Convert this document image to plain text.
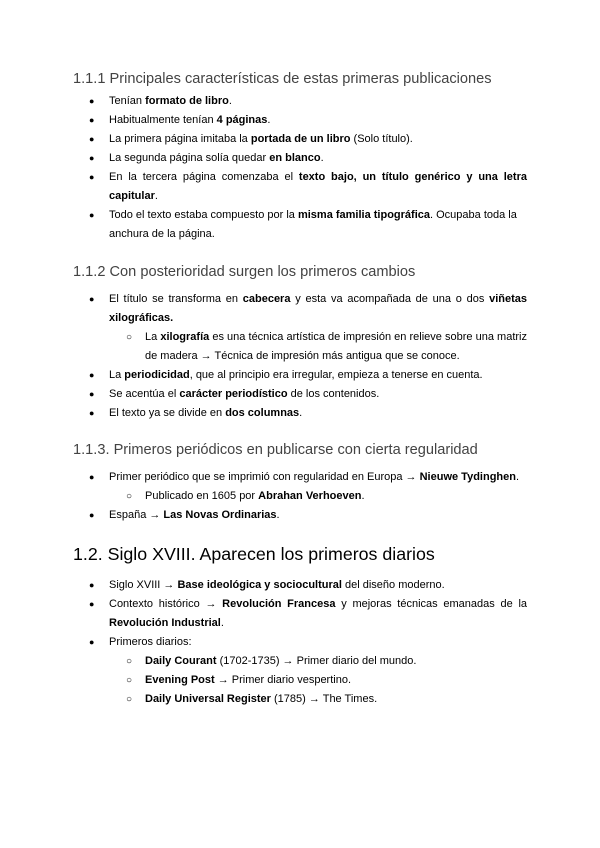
1.1.1 Principales características de estas primeras publicaciones
● Tenían formato de libro.
● Habitualmente tenían 4 páginas.
● La primera página imitaba la portada de un libro (Solo título).
● La segunda página solía quedar en blanco.
● En la tercera página comenzaba el texto bajo, un título genérico y una letra capitular.
● Todo el texto estaba compuesto por la misma familia tipográfica. Ocupaba toda la anchura de la página.
1.1.2 Con posterioridad surgen los primeros cambios
● El título se transforma en cabecera y esta va acompañada de una o dos viñetas xilográficas.
○ La xilografía es una técnica artística de impresión en relieve sobre una matriz de madera → Técnica de impresión más antigua que se conoce.
● La periodicidad, que al principio era irregular, empieza a tenerse en cuenta.
● Se acentúa el carácter periodístico de los contenidos.
● El texto ya se divide en dos columnas.
1.1.3. Primeros periódicos en publicarse con cierta regularidad
● Primer periódico que se imprimió con regularidad en Europa → Nieuwe Tydinghen.
○ Publicado en 1605 por Abrahan Verhoeven.
● España → Las Novas Ordinarias.
1.2. Siglo XVIII. Aparecen los primeros diarios
● Siglo XVIII → Base ideológica y sociocultural del diseño moderno.
● Contexto histórico → Revolución Francesa y mejoras técnicas emanadas de la Revolución Industrial.
● Primeros diarios:
○ Daily Courant (1702-1735) → Primer diario del mundo.
○ Evening Post → Primer diario vespertino.
○ Daily Universal Register (1785) → The Times.
